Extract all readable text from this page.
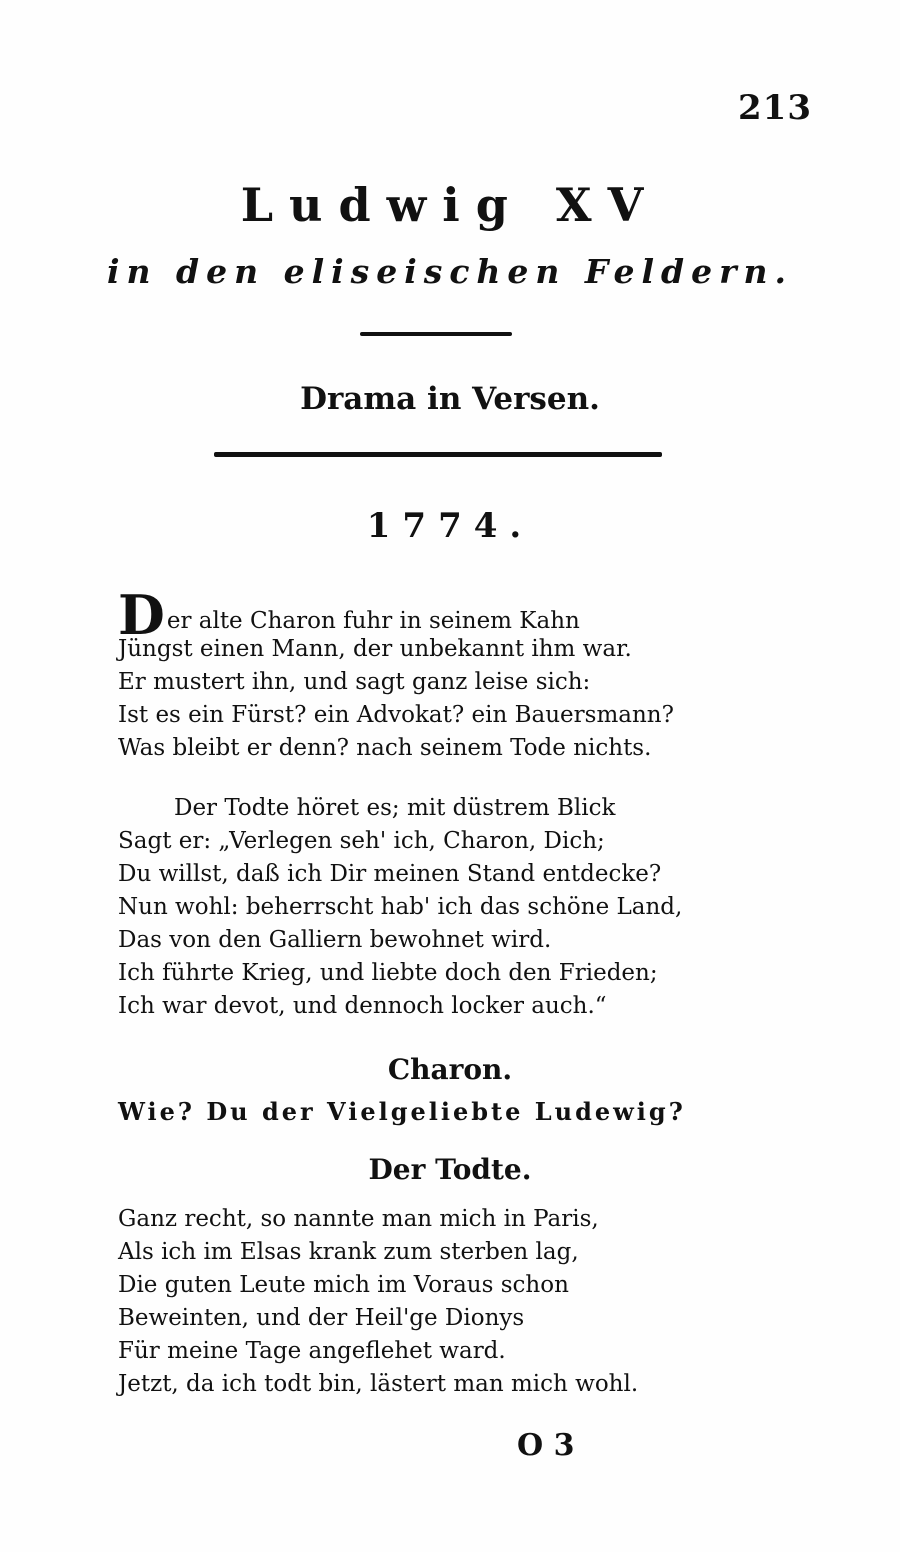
213
Ludwig XV
in den eliseischen Feldern.
Drama in Versen.
1774.
Der alte Charon fuhr in seinem Kahn
Jüngst einen Mann, der unbekannt ihm war.
Er mustert ihn, und sagt ganz leise sich:
Ist es ein Fürst? ein Advokat? ein Bauersmann?
Was bleibt er denn? nach seinem Tode nichts.
Der Todte höret es; mit düstrem Blick
Sagt er: „Verlegen seh' ich, Charon, Dich;
Du willst, daß ich Dir meinen Stand entdecke?
Nun wohl: beherrscht hab' ich das schöne Land,
Das von den Galliern bewohnet wird.
Ich führte Krieg, und liebte doch den Frieden;
Ich war devot, und dennoch locker auch.“
Charon.
Wie? Du der Vielgeliebte Ludewig?
Der Todte.
Ganz recht, so nannte man mich in Paris,
Als ich im Elsas krank zum sterben lag,
Die guten Leute mich im Voraus schon
Beweinten, und der Heil'ge Dionys
Für meine Tage angeflehet ward.
Jetzt, da ich todt bin, lästert man mich wohl.
O 3
